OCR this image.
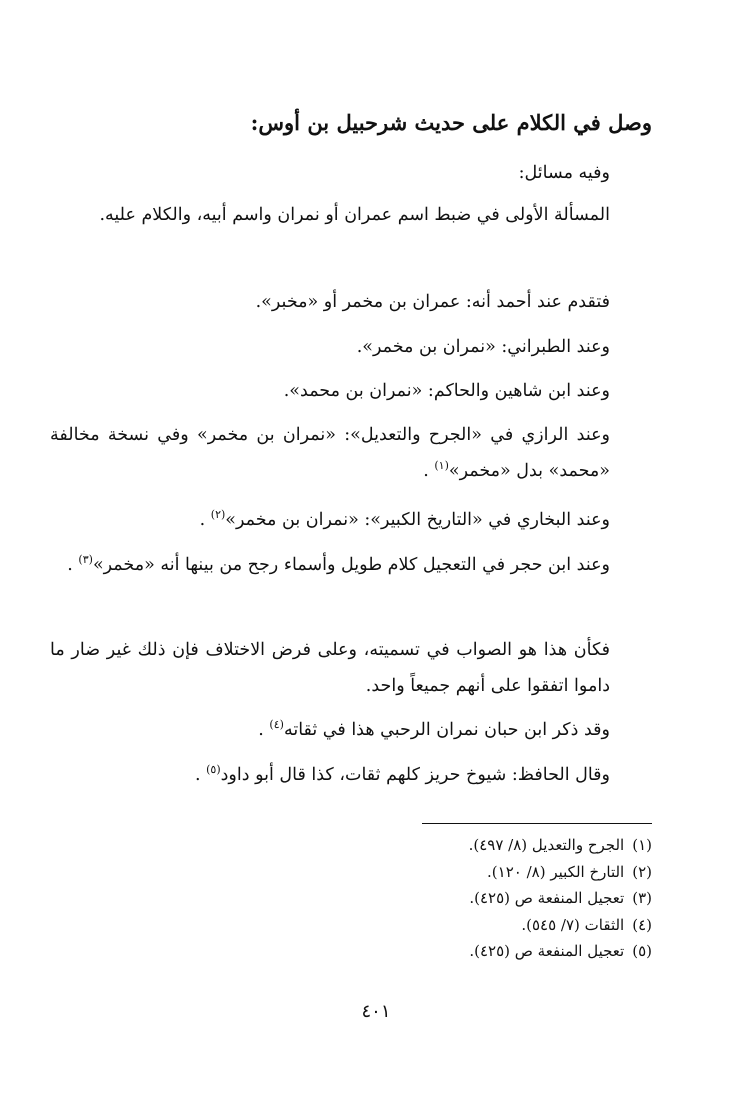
وصل في الكلام على حديث شرحبيل بن أوس:
وفيه مسائل:
المسألة الأولى في ضبط اسم عمران أو نمران واسم أبيه، والكلام عليه.
فتقدم عند أحمد أنه: عمران بن مخمر أو «مخبر».
وعند الطبراني: «نمران بن مخمر».
وعند ابن شاهين والحاكم: «نمران بن محمد».
وعند الرازي في «الجرح والتعديل»: «نمران بن مخمر» وفي نسخة مخالفة «محمد» بدل «مخمر»$^{(١)}$ .
وعند البخاري في «التاريخ الكبير»: «نمران بن مخمر»$^{(٢)}$ .
وعند ابن حجر في التعجيل كلام طويل وأسماء رجح من بينها أنه «مخمر»$^{(٣)}$ .
فكأن هذا هو الصواب في تسميته، وعلى فرض الاختلاف فإن ذلك غير ضار ما داموا اتفقوا على أنهم جميعاً واحد.
وقد ذكر ابن حبان نمران الرحبي هذا في ثقاته$^{(٤)}$ .
وقال الحافظ: شيوخ حريز كلهم ثقات، كذا قال أبو داود$^{(٥)}$ .
(١)الجرح والتعديل (٨/ ٤٩٧).
(٢)التارخ الكبير (٨/ ١٢٠).
(٣)تعجيل المنفعة ص (٤٢٥).
(٤)الثقات (٧/ ٥٤٥).
(٥)تعجيل المنفعة ص (٤٢٥).
٤٠١
